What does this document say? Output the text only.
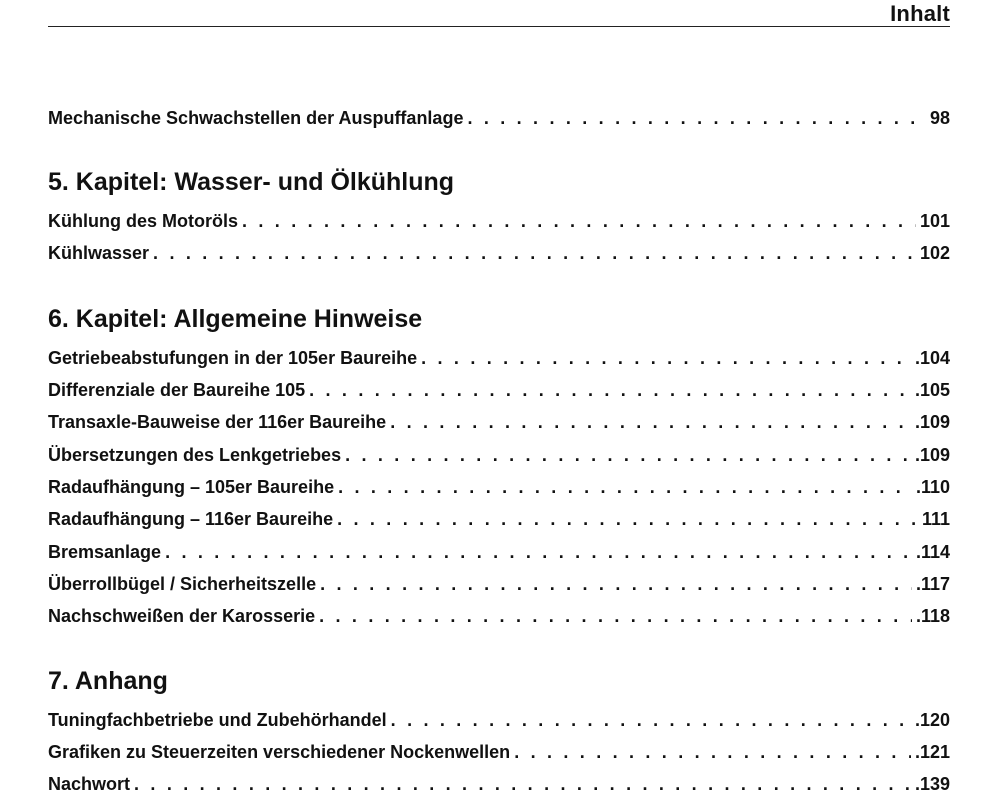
Inhalt
Mechanische Schwachstellen der Auspuffanlage . . .	98
5. Kapitel: Wasser- und Ölkühlung
Kühlung des Motoröls . . .	101
Kühlwasser . . .	102
6. Kapitel: Allgemeine Hinweise
Getriebeabstufungen in der 105er Baureihe . . .	.104
Differenziale der Baureihe 105 . . .	.105
Transaxle-Bauweise der 116er Baureihe . . .	.109
Übersetzungen des Lenkgetriebes . . .	.109
Radaufhängung – 105er Baureihe . . .	.110
Radaufhängung – 116er Baureihe . . .	111
Bremsanlage . . .	.114
Überrollbügel / Sicherheitszelle . . .	.117
Nachschweißen der Karosserie . . .	.118
7. Anhang
Tuningfachbetriebe und Zubehörhandel . . .	.120
Grafiken zu Steuerzeiten verschiedener Nockenwellen . . .	.121
Nachwort . . .	.139
